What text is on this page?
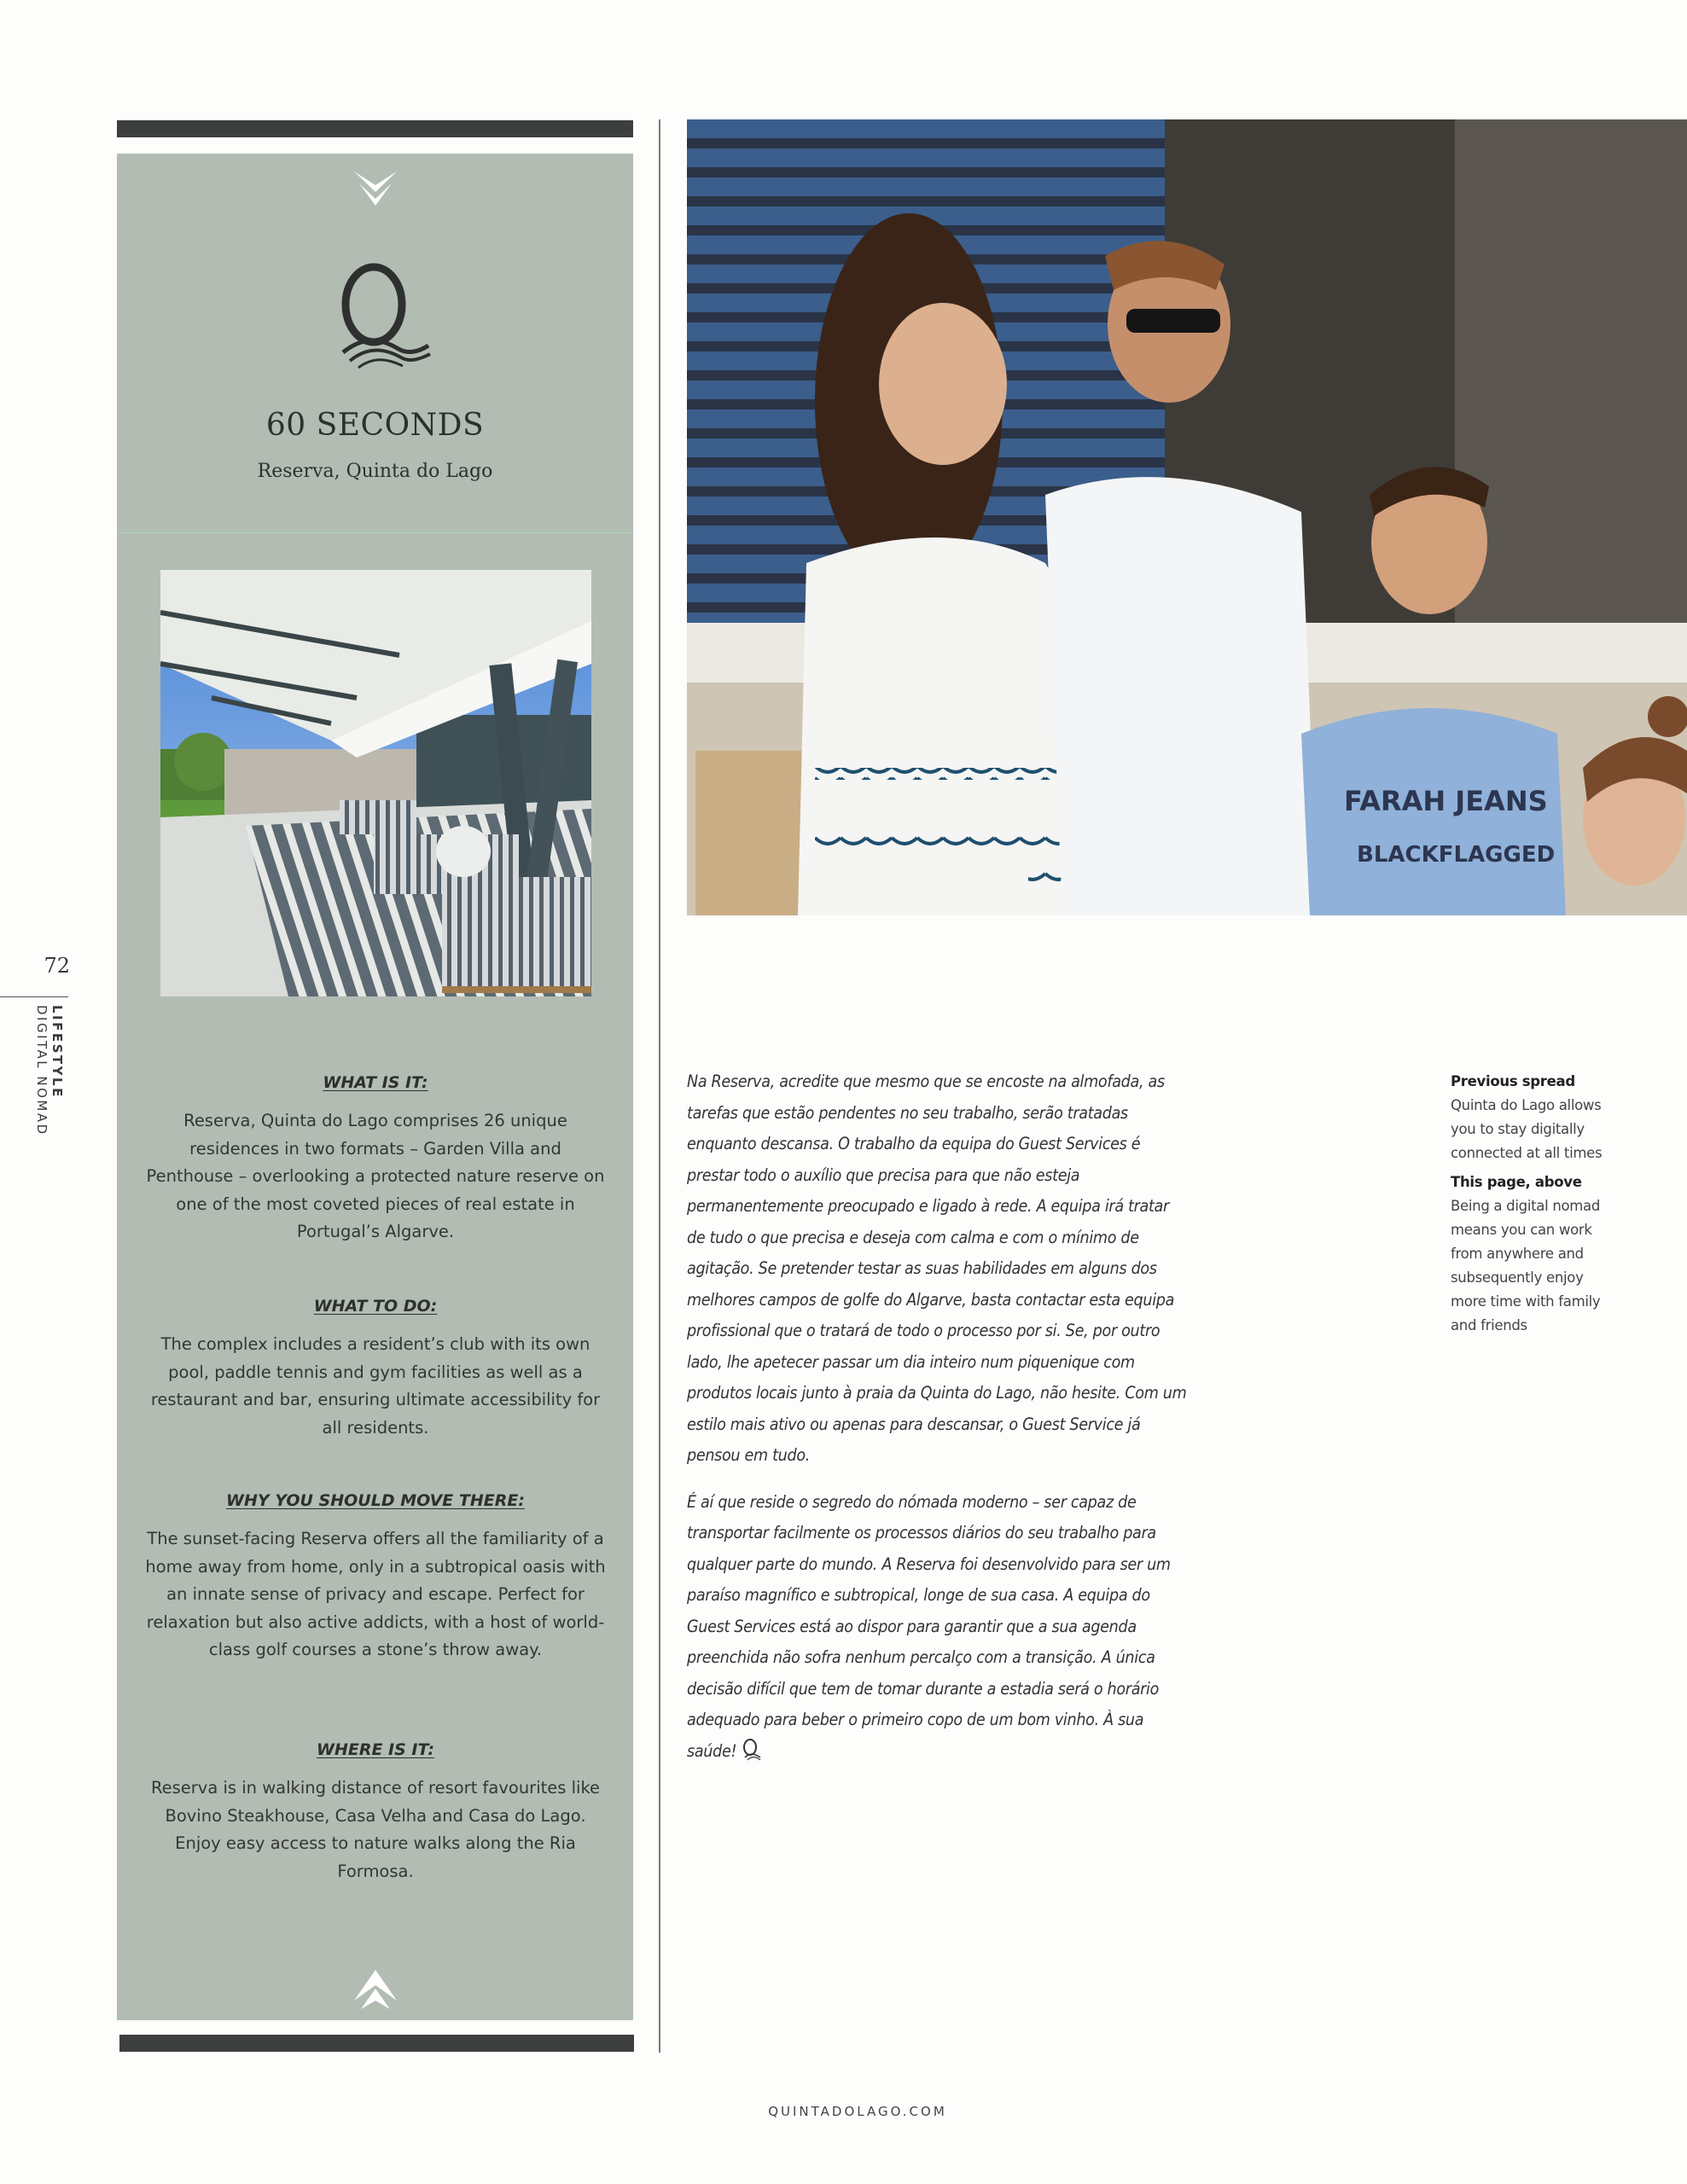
72
LIFESTYLE
DIGITAL NOMAD
60 SECONDS
Reserva, Quinta do Lago
WHAT IS IT:

Reserva, Quinta do Lago comprises 26 unique residences in two formats – Garden Villa and Penthouse – overlooking a protected nature reserve on one of the most coveted pieces of real estate in Portugal’s Algarve.

WHAT TO DO:

The complex includes a resident’s club with its own pool, paddle tennis and gym facilities as well as a restaurant and bar, ensuring ultimate accessibility for all residents.

WHY YOU SHOULD MOVE THERE:

The sunset-facing Reserva offers all the familiarity of a home away from home, only in a subtropical oasis with an innate sense of privacy and escape. Perfect for relaxation but also active addicts, with a host of world-class golf courses a stone’s throw away.

WHERE IS IT:

Reserva is in walking distance of resort favourites like Bovino Steakhouse, Casa Velha and Casa do Lago. Enjoy easy access to nature walks along the Ria Formosa.

FARAH JEANS
BLACKFLAGGED

Na Reserva, acredite que mesmo que se encoste na almofada, as tarefas que estão pendentes no seu trabalho, serão tratadas enquanto descansa. O trabalho da equipa do Guest Services é prestar todo o auxílio que precisa para que não esteja permanentemente preocupado e ligado à rede. A equipa irá tratar de tudo o que precisa e deseja com calma e com o mínimo de agitação. Se pretender testar as suas habilidades em alguns dos melhores campos de golfe do Algarve, basta contactar esta equipa profissional que o tratará de todo o processo por si. Se, por outro lado, lhe apetecer passar um dia inteiro num piquenique com produtos locais junto à praia da Quinta do Lago, não hesite. Com um estilo mais ativo ou apenas para descansar, o Guest Service já pensou em tudo.

É aí que reside o segredo do nómada moderno – ser capaz de transportar facilmente os processos diários do seu trabalho para qualquer parte do mundo. A Reserva foi desenvolvido para ser um paraíso magnífico e subtropical, longe de sua casa. A equipa do Guest Services está ao dispor para garantir que a sua agenda preenchida não sofra nenhum percalço com a transição. A única decisão difícil que tem de tomar durante a estadia será o horário adequado para beber o primeiro copo de um bom vinho. À sua saúde!

Previous spread
Quinta do Lago allows you to stay digitally connected at all times
This page, above
Being a digital nomad means you can work from anywhere and subsequently enjoy more time with family and friends
QUINTADOLAGO.COM
